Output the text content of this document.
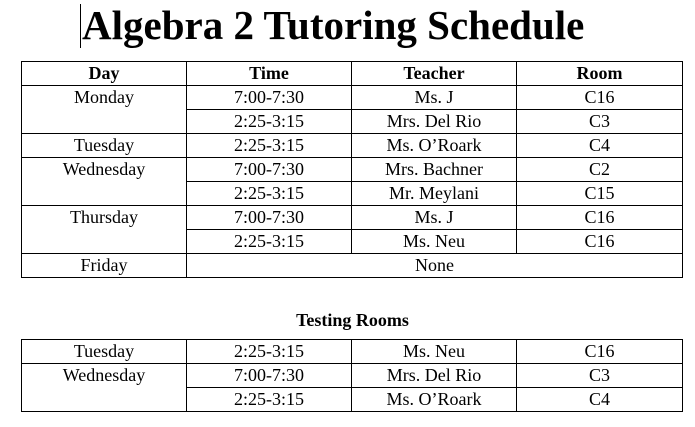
Algebra 2 Tutoring Schedule
Day	Time	Teacher	Room
Monday	7:00-7:30	Ms. J	C16
	2:25-3:15	Mrs. Del Rio	C3
Tuesday	2:25-3:15	Ms. O’Roark	C4
Wednesday	7:00-7:30	Mrs. Bachner	C2
	2:25-3:15	Mr. Meylani	C15
Thursday	7:00-7:30	Ms. J	C16
	2:25-3:15	Ms. Neu	C16
Friday	None		
Testing Rooms
Tuesday	2:25-3:15	Ms. Neu	C16
Wednesday	7:00-7:30	Mrs. Del Rio	C3
	2:25-3:15	Ms. O’Roark	C4
